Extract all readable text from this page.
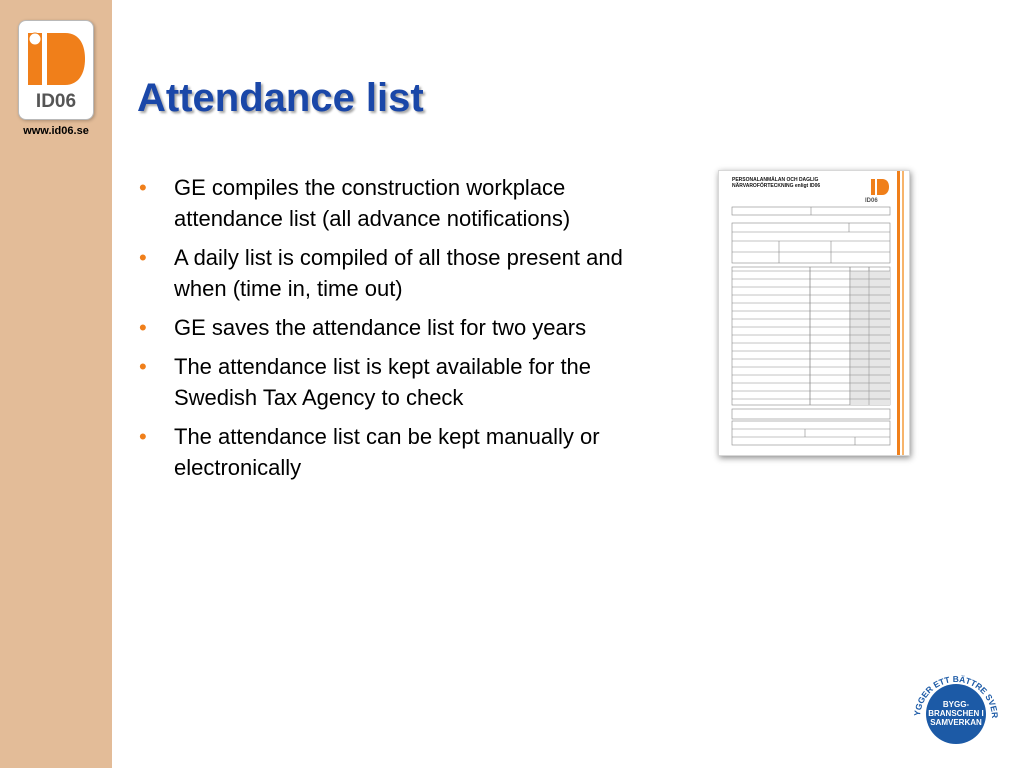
ID06
www.id06.se
Attendance list
• GE compiles the construction workplace attendance list (all advance notifications)
• A daily list is compiled of all those present and when (time in, time out)
• GE saves the attendance list for two years
• The attendance list is kept available for the Swedish Tax Agency to check
• The attendance list can be kept manually or electronically
PERSONALANMÄLAN OCH DAGLIG
NÄRVAROFÖRTECKNING enligt ID06
ID06
YGGER ETT BÄTTRE SVER
BYGG-
BRANSCHEN I
SAMVERKAN
